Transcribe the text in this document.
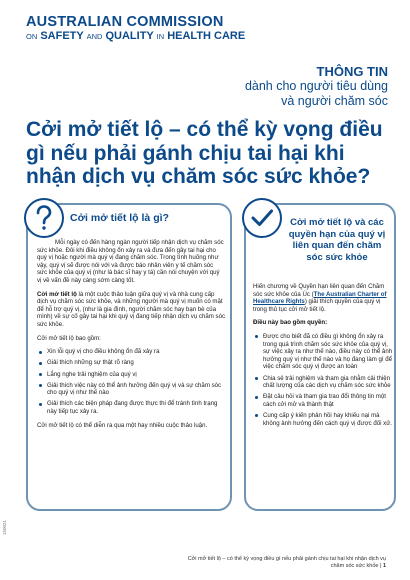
AUSTRALIAN COMMISSION
ON SAFETY AND QUALITY IN HEALTH CARE
THÔNG TIN
dành cho người tiêu dùng
và người chăm sóc
Cởi mở tiết lộ – có thể kỳ vọng điều gì nếu phải gánh chịu tai hại khi nhận dịch vụ chăm sóc sức khỏe?
Cởi mở tiết lộ là gì?

Mỗi ngày có đến hàng ngàn người tiếp nhận dịch vụ chăm sóc sức khỏe. Đôi khi điều không ổn xảy ra và đưa đến gây tai hại cho quý vị hoặc người mà quý vị đang chăm sóc. Trong tình huống như vậy, quý vị sẽ được nói với và được báo nhân viên y tế chăm sóc sức khỏe của quý vị (như là bác sĩ hay y tá) cần nói chuyện với quý vị về vấn đề này càng sớm càng tốt.

Cởi mở tiết lộ là một cuộc thảo luận giữa quý vị và nhà cung cấp dịch vụ chăm sóc sức khỏe, và những người mà quý vị muốn có mặt để hỗ trợ quý vị, (như là gia đình, người chăm sóc hay bạn bè của mình) về sự cố gây tai hại khi quý vị đang tiếp nhận dịch vụ chăm sóc sức khỏe.

Cởi mở tiết lộ bao gồm:

Xin lỗi quý vị cho điều không ổn đã xảy ra
Giải thích những sự thật rõ ràng
Lắng nghe trải nghiệm của quý vị
Giải thích việc này có thể ảnh hưởng đến quý vị và sự chăm sóc cho quý vị như thế nào
Giải thích các biện pháp đang được thực thi để tránh tình trạng này tiếp tục xảy ra.

Cởi mở tiết lộ có thể diễn ra qua một hay nhiều cuộc thảo luận.

Cởi mở tiết lộ và các quyền hạn của quý vị liên quan đến chăm sóc sức khỏe

Hiến chương về Quyền hạn liên quan đến Chăm sóc sức khỏe của Úc (The Australian Charter of Healthcare Rights) giải thích quyền của quý vị trong thủ tục cởi mở tiết lộ.

Điều này bao gồm quyền:

Được cho biết đã có điều gì không ổn xảy ra trong quá trình chăm sóc sức khỏe của quý vị, sự việc xảy ra như thế nào, điều này có thể ảnh hưởng quý vị như thế nào và họ đang làm gì để việc chăm sóc quý vị được an toàn
Chia sẻ trải nghiệm và tham gia nhằm cải thiện chất lượng của các dịch vụ chăm sóc sức khỏe
Đặt câu hỏi và tham gia trao đổi thông tin một cách cởi mở và thành thật
Cung cấp ý kiến phản hồi hay khiếu nại mà không ảnh hưởng đến cách quý vị được đối xử.
150021
Cởi mở tiết lộ – có thể kỳ vọng điều gì nếu phải gánh chịu tai hại khi nhận dịch vụ chăm sóc sức khỏe | 1
